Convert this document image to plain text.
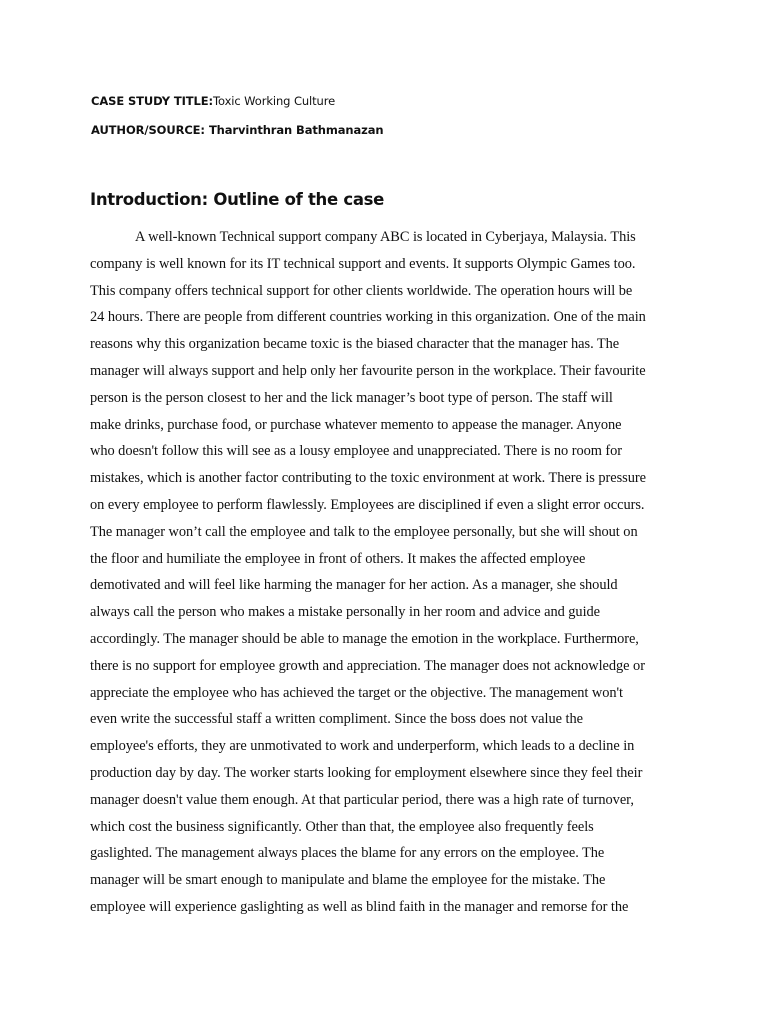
CASE STUDY TITLE:Toxic Working Culture
AUTHOR/SOURCE: Tharvinthran Bathmanazan
Introduction: Outline of the case
A well-known Technical support company ABC is located in Cyberjaya, Malaysia. This
company is well known for its IT technical support and events. It supports Olympic Games too.
This company offers technical support for other clients worldwide. The operation hours will be
24 hours. There are people from different countries working in this organization. One of the main
reasons why this organization became toxic is the biased character that the manager has. The
manager will always support and help only her favourite person in the workplace. Their favourite
person is the person closest to her and the lick manager’s boot type of person. The staff will
make drinks, purchase food, or purchase whatever memento to appease the manager. Anyone
who doesn't follow this will see as a lousy employee and unappreciated. There is no room for
mistakes, which is another factor contributing to the toxic environment at work. There is pressure
on every employee to perform flawlessly. Employees are disciplined if even a slight error occurs.
The manager won’t call the employee and talk to the employee personally, but she will shout on
the floor and humiliate the employee in front of others. It makes the affected employee
demotivated and will feel like harming the manager for her action. As a manager, she should
always call the person who makes a mistake personally in her room and advice and guide
accordingly. The manager should be able to manage the emotion in the workplace. Furthermore,
there is no support for employee growth and appreciation. The manager does not acknowledge or
appreciate the employee who has achieved the target or the objective. The management won't
even write the successful staff a written compliment. Since the boss does not value the
employee's efforts, they are unmotivated to work and underperform, which leads to a decline in
production day by day. The worker starts looking for employment elsewhere since they feel their
manager doesn't value them enough. At that particular period, there was a high rate of turnover,
which cost the business significantly. Other than that, the employee also frequently feels
gaslighted. The management always places the blame for any errors on the employee. The
manager will be smart enough to manipulate and blame the employee for the mistake. The
employee will experience gaslighting as well as blind faith in the manager and remorse for the
